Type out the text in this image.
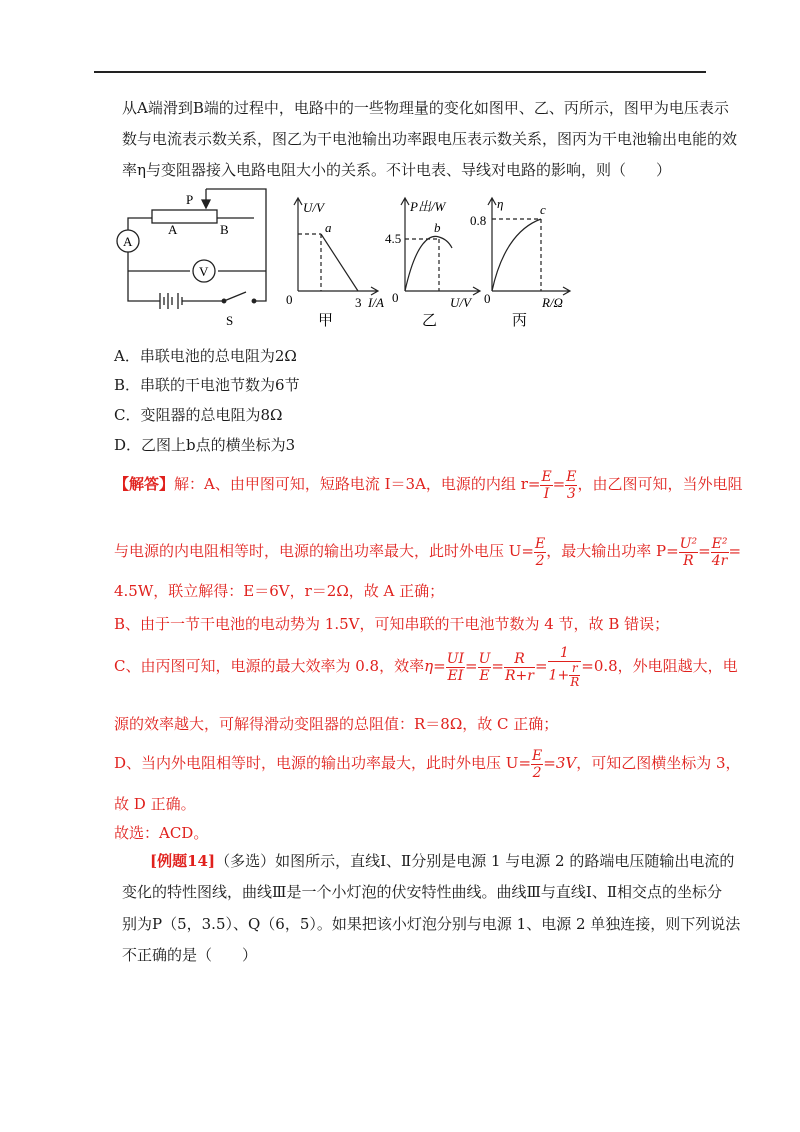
从A端滑到B端的过程中，电路中的一些物理量的变化如图甲、乙、丙所示，图甲为电压表示
数与电流表示数关系，图乙为干电池输出功率跟电压表示数关系，图丙为干电池输出电能的效
率η与变阻器接入电路电阻大小的关系。不计电表、导线对电路的影响，则（　　）
A
V
P
A	B
S
U/V
a
0	3 I/A
甲
P出/W
4.5
b
0	U/V
乙
η
0.8
c
0	R/Ω
丙
A．串联电池的总电阻为2Ω
B．串联的干电池节数为6节
C．变阻器的总电阻为8Ω
D．乙图上b点的横坐标为3
【解答】解：A、由甲图可知，短路电流 I＝3A，电源的内组 $r= \frac{E}{I} = \frac{E}{3}$ ，由乙图可知，当外电阻
与电源的内电阻相等时，电源的输出功率最大，此时外电压 $U= \frac{E}{2}$ ，最大输出功率 $P= \frac{\text{U²}}{R} = \frac{\text{E²}}{4r}$ =
4.5W，联立解得：E＝6V，r＝2Ω，故 A 正确；
B、由于一节干电池的电动势为 1.5V，可知串联的干电池节数为 4 节，故 B 错误；
C、由丙图可知，电源的最大效率为 0.8，效率$\eta= \frac{UI}{EI} = \frac{U}{E} = \frac{R}{R+r} = \frac{1}{1+ \frac{r}{R}} =0.8$，外电阻越大，电
源的效率越大，可解得滑动变阻器的总阻值：R＝8Ω，故 C 正确；
D、当内外电阻相等时，电源的输出功率最大，此时外电压 $U= \frac{E}{2} =3V$，可知乙图横坐标为 3，
故 D 正确。
故选：ACD。
[例题14]（多选）如图所示，直线Ⅰ、Ⅱ分别是电源 1 与电源 2 的路端电压随输出电流的
变化的特性图线，曲线Ⅲ是一个小灯泡的伏安特性曲线。曲线Ⅲ与直线Ⅰ、Ⅱ相交点的坐标分
别为P（5，3.5）、Q（6，5）。如果把该小灯泡分别与电源 1、电源 2 单独连接，则下列说法
不正确的是（　　）
